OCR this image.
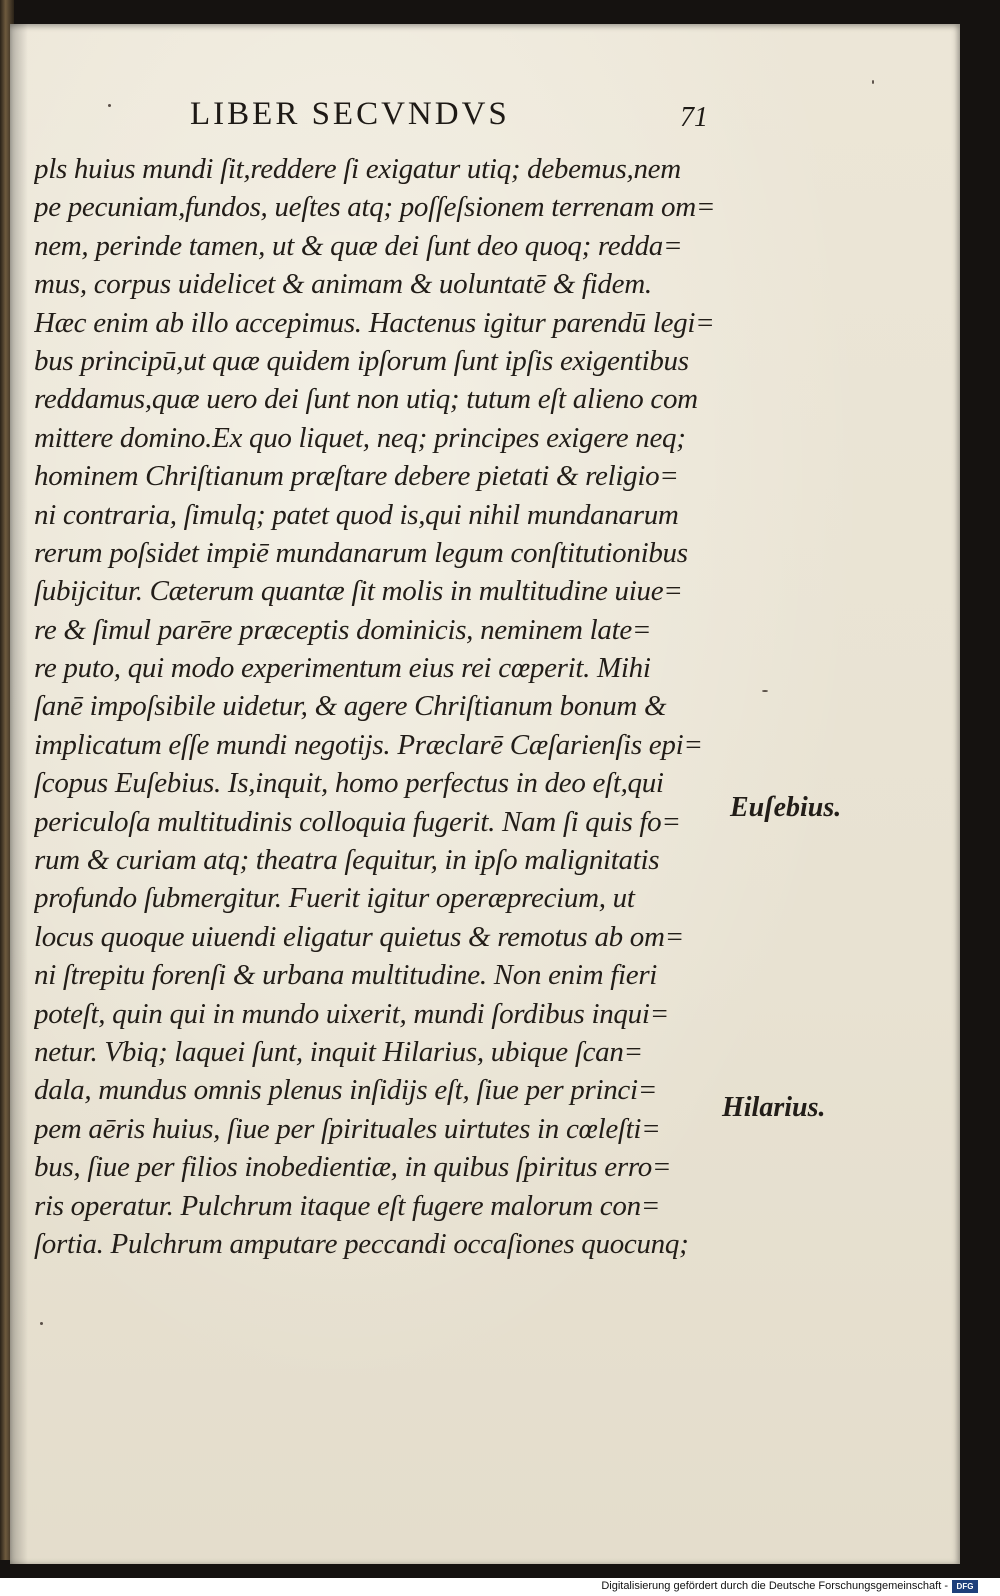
LIBER SECVNDVS	71
pls huius mundi ſit,reddere ſi exigatur utiq; debemus,nem
pe pecuniam,fundos, ueſtes atq; poſſeſsionem terrenam om=
nem, perinde tamen, ut & quæ dei ſunt deo quoq; redda=
mus, corpus uidelicet & animam & uoluntatē & fidem.
Hæc enim ab illo accepimus. Hactenus igitur parendū legi=
bus principū,ut quæ quidem ipſorum ſunt ipſis exigentibus
reddamus,quæ uero dei ſunt non utiq; tutum eſt alieno com
mittere domino.Ex quo liquet, neq; principes exigere neq;
hominem Chriſtianum præſtare debere pietati & religio=
ni contraria, ſimulq; patet quod is,qui nihil mundanarum
rerum poſsidet impiē mundanarum legum conſtitutionibus
ſubijcitur. Cæterum quantæ ſit molis in multitudine uiue=
re & ſimul parēre præceptis dominicis, neminem late=
re puto, qui modo experimentum eius rei cœperit. Mihi
ſanē impoſsibile uidetur, & agere Chriſtianum bonum &
implicatum eſſe mundi negotijs. Præclarē Cæſarienſis epi=
ſcopus Euſebius. Is,inquit, homo perfectus in deo eſt,qui
periculoſa multitudinis colloquia fugerit. Nam ſi quis fo=
rum & curiam atq; theatra ſequitur, in ipſo malignitatis
profundo ſubmergitur. Fuerit igitur operæprecium, ut
locus quoque uiuendi eligatur quietus & remotus ab om=
ni ſtrepitu forenſi & urbana multitudine. Non enim fieri
poteſt, quin qui in mundo uixerit, mundi ſordibus inqui=
netur. Vbiq; laquei ſunt, inquit Hilarius, ubique ſcan=
dala, mundus omnis plenus inſidijs eſt, ſiue per princi=
pem aēris huius, ſiue per ſpirituales uirtutes in cœleſti=
bus, ſiue per filios inobedientiæ, in quibus ſpiritus erro=
ris operatur. Pulchrum itaque eſt fugere malorum con=
ſortia. Pulchrum amputare peccandi occaſiones quocunq;
Euſebius.
Hilarius.
Digitalisierung gefördert durch die Deutsche Forschungsgemeinschaft -	DFG
